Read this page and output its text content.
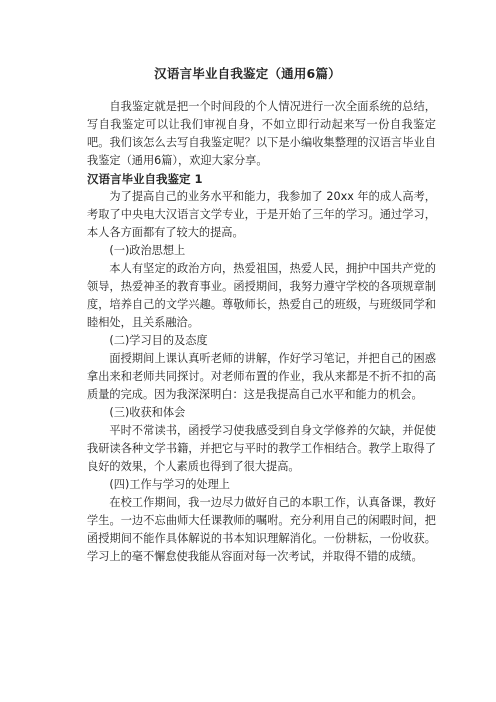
汉语言毕业自我鉴定（通用6篇）

自我鉴定就是把一个时间段的个人情况进行一次全面系统的总结，写自我鉴定可以让我们审视自身，不如立即行动起来写一份自我鉴定吧。我们该怎么去写自我鉴定呢？以下是小编收集整理的汉语言毕业自我鉴定（通用6篇），欢迎大家分享。

汉语言毕业自我鉴定 1

为了提高自己的业务水平和能力，我参加了 20xx 年的成人高考，考取了中央电大汉语言文学专业，于是开始了三年的学习。通过学习，本人各方面都有了较大的提高。

(一)政治思想上

本人有坚定的政治方向，热爱祖国，热爱人民，拥护中国共产党的领导，热爱神圣的教育事业。函授期间，我努力遵守学校的各项规章制度，培养自己的文学兴趣。尊敬师长，热爱自己的班级，与班级同学和睦相处，且关系融洽。

(二)学习目的及态度

面授期间上课认真听老师的讲解，作好学习笔记，并把自己的困惑拿出来和老师共同探讨。对老师布置的作业，我从来都是不折不扣的高质量的完成。因为我深深明白：这是我提高自己水平和能力的机会。

(三)收获和体会

平时不常读书，函授学习使我感受到自身文学修养的欠缺，并促使我研读各种文学书籍，并把它与平时的教学工作相结合。教学上取得了良好的效果，个人素质也得到了很大提高。

(四)工作与学习的处理上

在校工作期间，我一边尽力做好自己的本职工作，认真备课，教好学生。一边不忘曲师大任课教师的嘱咐。充分利用自己的闲暇时间，把函授期间不能作具体解说的书本知识理解消化。一份耕耘，一份收获。学习上的毫不懈怠使我能从容面对每一次考试，并取得不错的成绩。
